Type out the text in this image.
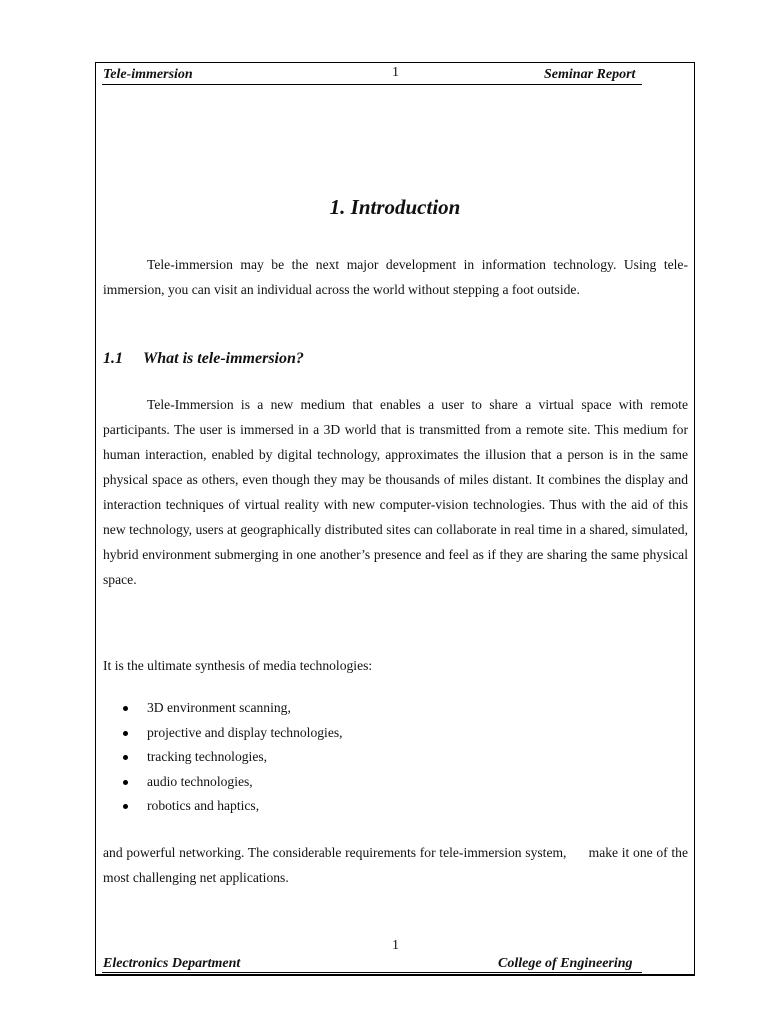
Tele-immersion	1	Seminar Report
1. Introduction
Tele-immersion may be the next major development in information technology. Using tele-immersion, you can visit an individual across the world without stepping a foot outside.
1.1 What is tele-immersion?
Tele-Immersion is a new medium that enables a user to share a virtual space with remote participants. The user is immersed in a 3D world that is transmitted from a remote site. This medium for human interaction, enabled by digital technology, approximates the illusion that a person is in the same physical space as others, even though they may be thousands of miles distant. It combines the display and interaction techniques of virtual reality with new computer-vision technologies. Thus with the aid of this new technology, users at geographically distributed sites can collaborate in real time in a shared, simulated, hybrid environment submerging in one another’s presence and feel as if they are sharing the same physical space.
It is the ultimate synthesis of media technologies:
3D environment scanning,
projective and display technologies,
tracking technologies,
audio technologies,
robotics and haptics,
and powerful networking. The considerable requirements for tele-immersion system,      make it one of the most challenging net applications.
1
Electronics Department	College of Engineering
